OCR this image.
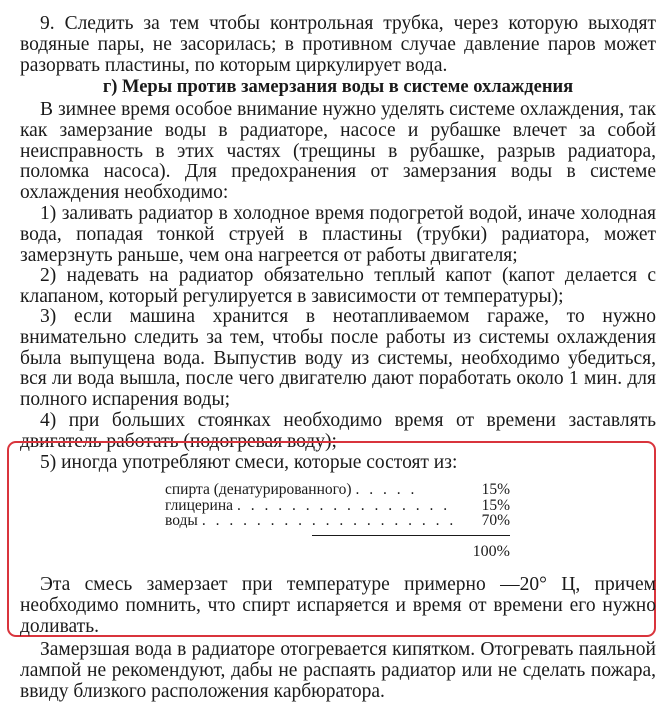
9. Следить за тем чтобы контрольная трубка, через которую выходят водяные пары, не засорилась; в противном случае давление паров может разорвать пластины, по которым циркулирует вода.

г) Меры против замерзания воды в системе охлаждения

В зимнее время особое внимание нужно уделять системе охлаждения, так как замерзание воды в радиаторе, насосе и рубашке влечет за собой неисправность в этих частях (трещины в рубашке, разрыв радиатора, поломка насоса). Для предохранения от замерзания воды в системе охлаждения необходимо:

1) заливать радиатор в холодное время подогретой водой, иначе холодная вода, попадая тонкой струей в пластины (трубки) радиатора, может замерзнуть раньше, чем она нагреется от работы двигателя;

2) надевать на радиатор обязательно теплый капот (капот делается с клапаном, который регулируется в зависимости от температуры);

3) если машина хранится в неотапливаемом гараже, то нужно внимательно следить за тем, чтобы после работы из системы охлаждения была выпущена вода. Выпустив воду из системы, необходимо убедиться, вся ли вода вышла, после чего двигателю дают поработать около 1 мин. для полного испарения воды;

4) при больших стоянках необходимо время от времени заставлять двигатель работать (подогревая воду);

5) иногда употребляют смеси, которые состоят из:

спирта (денатурированного) . . . . .	15%
глицерина . . . . . . . . . . . . . . . .	15%
воды . . . . . . . . . . . . . . . . . . .	70%
100%

Эта смесь замерзает при температуре примерно —20° Ц, причем необходимо помнить, что спирт испаряется и время от времени его нужно доливать.

Замерзшая вода в радиаторе отогревается кипятком. Отогревать паяльной лампой не рекомендуют, дабы не распаять радиатор или не сделать пожара, ввиду близкого расположения карбюратора.
